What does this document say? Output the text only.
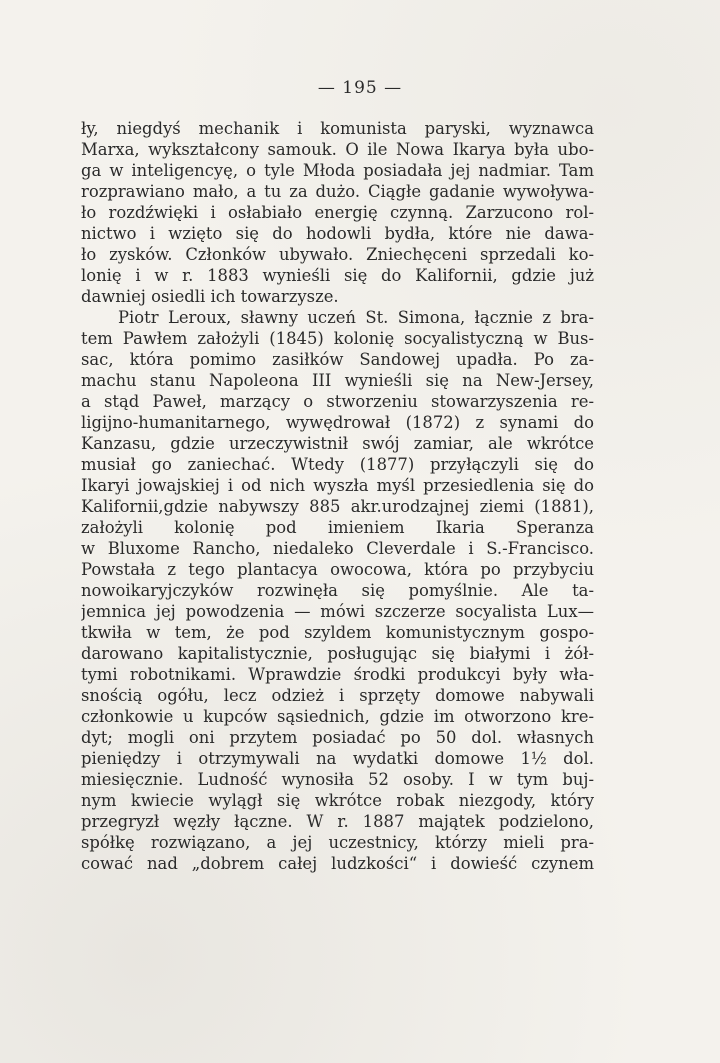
— 195 —
ły, niegdyś mechanik i komunista paryski, wyznawca
Marxa, wykształcony samouk. O ile Nowa Ikarya była ubo-
ga w inteligencyę, o tyle Młoda posiadała jej nadmiar. Tam
rozprawiano mało, a tu za dużo. Ciągłe gadanie wywoływa-
ło rozdźwięki i osłabiało energię czynną. Zarzucono rol-
nictwo i wzięto się do hodowli bydła, które nie dawa-
ło zysków. Członków ubywało. Zniechęceni sprzedali ko-
lonię i w r. 1883 wynieśli się do Kalifornii, gdzie już
dawniej osiedli ich towarzysze.
Piotr Leroux, sławny uczeń St. Simona, łącznie z bra-
tem Pawłem założyli (1845) kolonię socyalistyczną w Bus-
sac, która pomimo zasiłków Sandowej upadła. Po za-
machu stanu Napoleona III wynieśli się na New-Jersey,
a stąd Paweł, marzący o stworzeniu stowarzyszenia re-
ligijno-humanitarnego, wywędrował (1872) z synami do
Kanzasu, gdzie urzeczywistnił swój zamiar, ale wkrótce
musiał go zaniechać. Wtedy (1877) przyłączyli się do
Ikaryi jowajskiej i od nich wyszła myśl przesiedlenia się do
Kalifornii,gdzie nabywszy 885 akr.urodzajnej ziemi (1881),
założyli kolonię pod imieniem Ikaria Speranza
w Bluxome Rancho, niedaleko Cleverdale i S.-Francisco.
Powstała z tego plantacya owocowa, która po przybyciu
nowoikaryjczyków rozwinęła się pomyślnie. Ale ta-
jemnica jej powodzenia — mówi szczerze socyalista Lux—
tkwiła w tem, że pod szyldem komunistycznym gospo-
darowano kapitalistycznie, posługując się białymi i żół-
tymi robotnikami. Wprawdzie środki produkcyi były wła-
snością ogółu, lecz odzież i sprzęty domowe nabywali
członkowie u kupców sąsiednich, gdzie im otworzono kre-
dyt; mogli oni przytem posiadać po 50 dol. własnych
pieniędzy i otrzymywali na wydatki domowe 1½ dol.
miesięcznie. Ludność wynosiła 52 osoby. I w tym buj-
nym kwiecie wylągł się wkrótce robak niezgody, który
przegryzł węzły łączne. W r. 1887 majątek podzielono,
spółkę rozwiązano, a jej uczestnicy, którzy mieli pra-
cować nad „dobrem całej ludzkości“ i dowieść czynem
